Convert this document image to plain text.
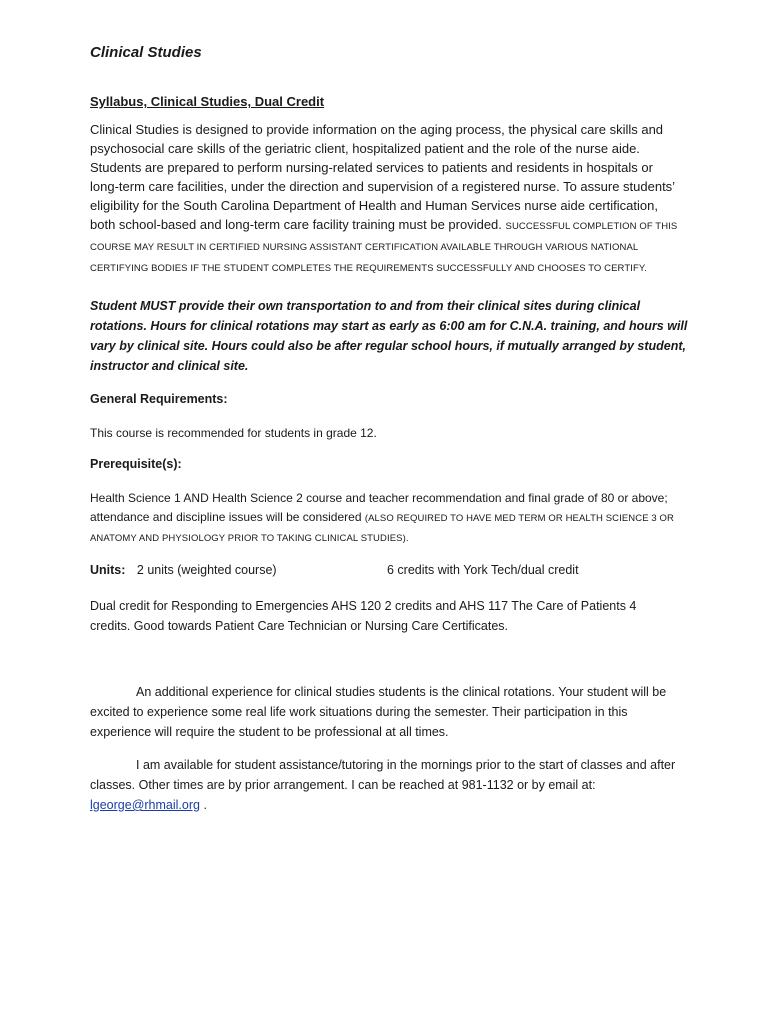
Clinical Studies
Syllabus, Clinical Studies, Dual Credit

Clinical Studies is designed to provide information on the aging process, the physical care skills and psychosocial care skills of the geriatric client, hospitalized patient and the role of the nurse aide. Students are prepared to perform nursing-related services to patients and residents in hospitals or long-term care facilities, under the direction and supervision of a registered nurse. To assure students’ eligibility for the South Carolina Department of Health and Human Services nurse aide certification, both school-based and long-term care facility training must be provided. SUCCESSFUL COMPLETION OF THIS COURSE MAY RESULT IN CERTIFIED NURSING ASSISTANT CERTIFICATION AVAILABLE THROUGH VARIOUS NATIONAL CERTIFYING BODIES IF THE STUDENT COMPLETES THE REQUIREMENTS SUCCESSFULLY AND CHOOSES TO CERTIFY.

Student MUST provide their own transportation to and from their clinical sites during clinical rotations. Hours for clinical rotations may start as early as 6:00 am for C.N.A. training, and hours will vary by clinical site. Hours could also be after regular school hours, if mutually arranged by student, instructor and clinical site.

General Requirements:

This course is recommended for students in grade 12.

Prerequisite(s):

Health Science 1 AND Health Science 2 course and teacher recommendation and final grade of 80 or above; attendance and discipline issues will be considered (ALSO REQUIRED TO HAVE MED TERM OR HEALTH SCIENCE 3 OR ANATOMY AND PHYSIOLOGY PRIOR TO TAKING CLINICAL STUDIES).

Units: 2 units (weighted course)	6 credits with York Tech/dual credit

Dual credit for Responding to Emergencies AHS 120 2 credits and AHS 117 The Care of Patients 4 credits. Good towards Patient Care Technician or Nursing Care Certificates.

An additional experience for clinical studies students is the clinical rotations. Your student will be excited to experience some real life work situations during the semester. Their participation in this experience will require the student to be professional at all times.

I am available for student assistance/tutoring in the mornings prior to the start of classes and after classes. Other times are by prior arrangement. I can be reached at 981-1132 or by email at: lgeorge@rhmail.org .
